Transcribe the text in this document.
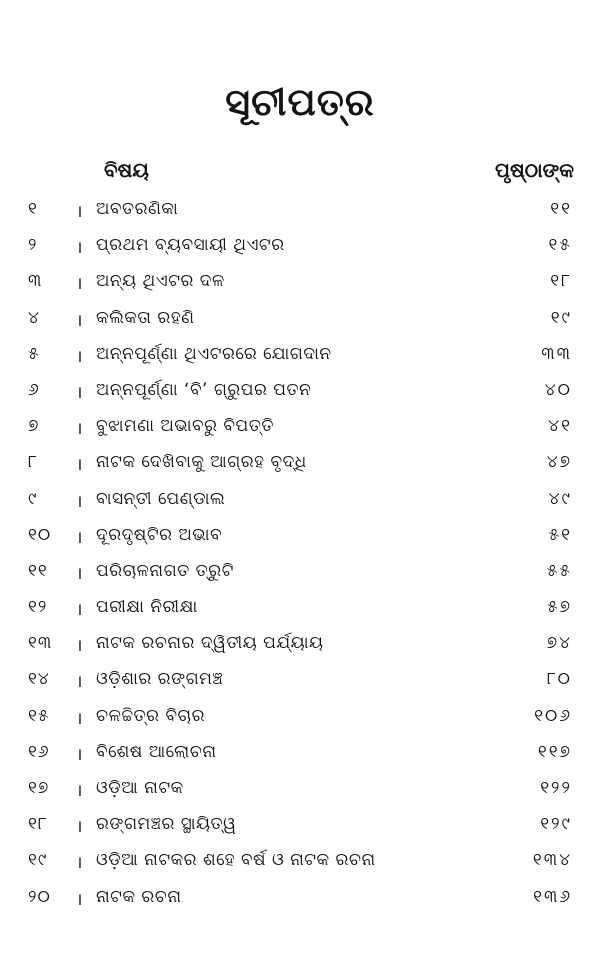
ସୂଚୀପତ୍ର
ବିଷୟ	ପୃଷ୍ଠାଙ୍କ
୧	। ଅବତରଣିକା	୧୧
୨	। ପ୍ରଥମ ବ୍ୟବସାୟୀ ଥିଏଟର	୧୫
୩	। ଅନ୍ୟ ଥିଏଟର ଦଳ	୧୮
୪	। କଲିକତା ରହଣି	୧୯
୫	। ଅନ୍ନପୂର୍ଣ୍ଣା ଥିଏଟରରେ ଯୋଗଦାନ	୩୩
୬	। ଅନ୍ନପୂର୍ଣ୍ଣା ‘ବି’ ଗ୍ରୁପର ପତନ	୪୦
୭	। ବୁଝାମଣା ଅଭାବରୁ ବିପତ୍ତି	୪୧
୮	। ନାଟକ ଦେଖିବାକୁ ଆଗ୍ରହ ବୃଦ୍ଧି	୪୭
୯	। ବାସନ୍ତୀ ପେଣ୍ଡାଲ	୪୯
୧୦	। ଦୂରଦୃଷ୍ଟିର ଅଭାବ	୫୧
୧୧	। ପରିଚାଳନାଗତ ତ୍ରୁଟି	୫୫
୧୨	। ପରୀକ୍ଷା ନିରୀକ୍ଷା	୫୭
୧୩	। ନାଟକ ରଚନାର ଦ୍ୱିତୀୟ ପର୍ଯ୍ୟାୟ	୭୪
୧୪	। ଓଡ଼ିଶାର ରଙ୍ଗମଞ୍ଚ	୮୦
୧୫	। ଚଳଚ୍ଚିତ୍ର ବିଚାର	୧୦୬
୧୬	। ବିଶେଷ ଆଲୋଚନା	୧୧୭
୧୭	। ଓଡ଼ିଆ ନାଟକ	୧୨୨
୧୮	। ରଙ୍ଗମଞ୍ଚର ସ୍ଥାୟିତ୍ୱ	୧୨୯
୧୯	। ଓଡ଼ିଆ ନାଟକର ଶହେ ବର୍ଷ ଓ ନାଟକ ରଚନା	୧୩୪
୨୦	। ନାଟକ ରଚନା	୧୩୬
